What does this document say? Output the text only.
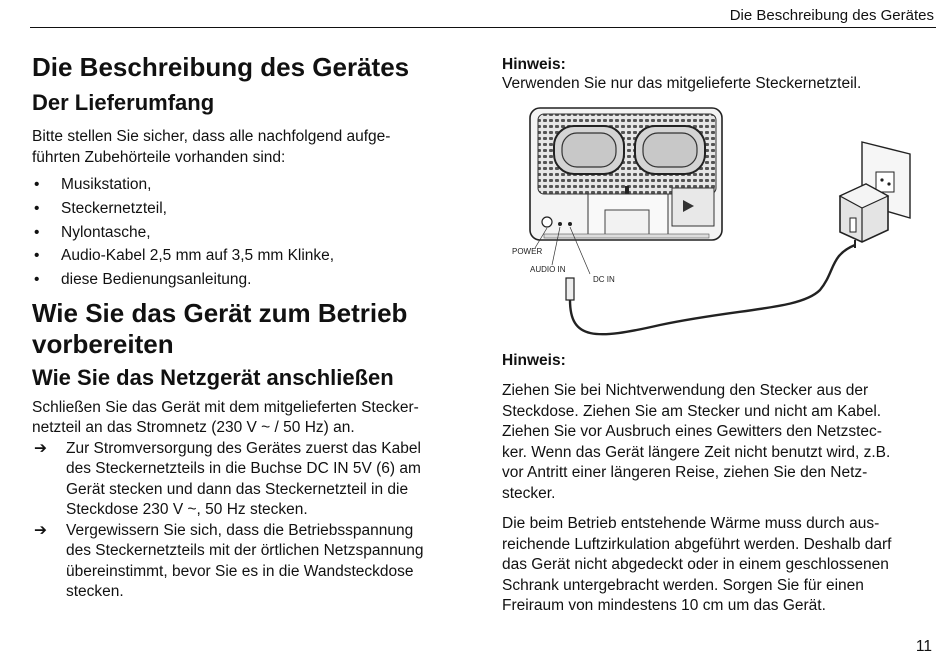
Die Beschreibung des Gerätes
Die Beschreibung des Gerätes
Der Lieferumfang

Bitte stellen Sie sicher, dass alle nachfolgend aufge-
führten Zubehörteile vorhanden sind:

• Musikstation,
• Steckernetzteil,
• Nylontasche,
• Audio-Kabel 2,5 mm auf 3,5 mm Klinke,
• diese Bedienungsanleitung.
Wie Sie das Gerät zum Betrieb
vorbereiten
Wie Sie das Netzgerät anschließen

Schließen Sie das Gerät mit dem mitgelieferten Stecker-
netzteil an das Stromnetz (230 V ~ / 50 Hz) an.

➔ Zur Stromversorgung des Gerätes zuerst das Kabel
des Steckernetzteils in die Buchse DC IN 5V (6) am
Gerät stecken und dann das Steckernetzteil in die
Steckdose 230 V ~, 50 Hz stecken.
➔ Vergewissern Sie sich, dass die Betriebsspannung
des Steckernetzteils mit der örtlichen Netzspannung
übereinstimmt, bevor Sie es in die Wandsteckdose
stecken.
Hinweis:
Verwenden Sie nur das mitgelieferte Steckernetzteil.
POWER
AUDIO IN
DC IN
Hinweis:

Ziehen Sie bei Nichtverwendung den Stecker aus der
Steckdose. Ziehen Sie am Stecker und nicht am Kabel.
Ziehen Sie vor Ausbruch eines Gewitters den Netzstec-
ker. Wenn das Gerät längere Zeit nicht benutzt wird, z.B.
vor Antritt einer längeren Reise, ziehen Sie den Netz-
stecker.

Die beim Betrieb entstehende Wärme muss durch aus-
reichende Luftzirkulation abgeführt werden. Deshalb darf
das Gerät nicht abgedeckt oder in einem geschlossenen
Schrank untergebracht werden. Sorgen Sie für einen
Freiraum von mindestens 10 cm um das Gerät.

11
